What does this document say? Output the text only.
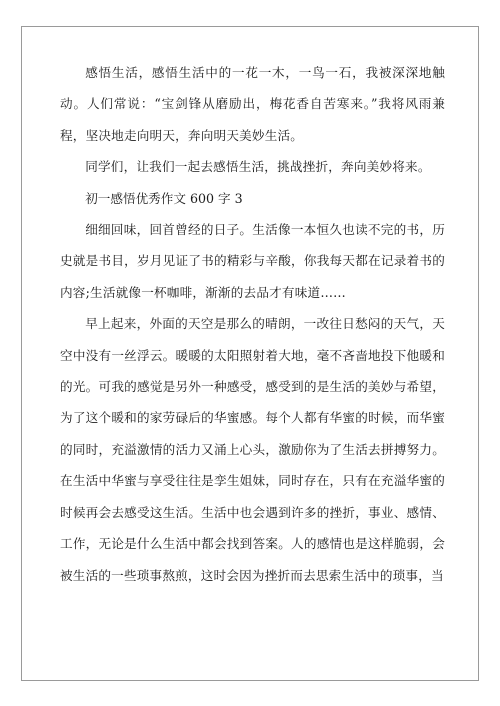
感悟生活，感悟生活中的一花一木，一鸟一石，我被深深地触动。人们常说：“宝剑锋从磨励出，梅花香自苦寒来。”我将风雨兼程，坚决地走向明天，奔向明天美妙生活。

同学们，让我们一起去感悟生活，挑战挫折，奔向美妙将来。

初一感悟优秀作文 600 字 3

细细回味，回首曾经的日子。生活像一本恒久也读不完的书，历史就是书目，岁月见证了书的精彩与辛酸，你我每天都在记录着书的内容;生活就像一杯咖啡，渐渐的去品才有味道……

早上起来，外面的天空是那么的晴朗，一改往日愁闷的天气，天空中没有一丝浮云。暖暖的太阳照射着大地，毫不吝啬地投下他暖和的光。可我的感觉是另外一种感受，感受到的是生活的美妙与希望，为了这个暖和的家劳碌后的华蜜感。每个人都有华蜜的时候，而华蜜的同时，充溢激情的活力又涌上心头，激励你为了生活去拼搏努力。在生活中华蜜与享受往往是孪生姐妹，同时存在，只有在充溢华蜜的时候再会去感受这生活。生活中也会遇到许多的挫折，事业、感情、工作，无论是什么生活中都会找到答案。人的感情也是这样脆弱，会被生活的一些琐事熬煎，这时会因为挫折而去思索生活中的琐事，当
